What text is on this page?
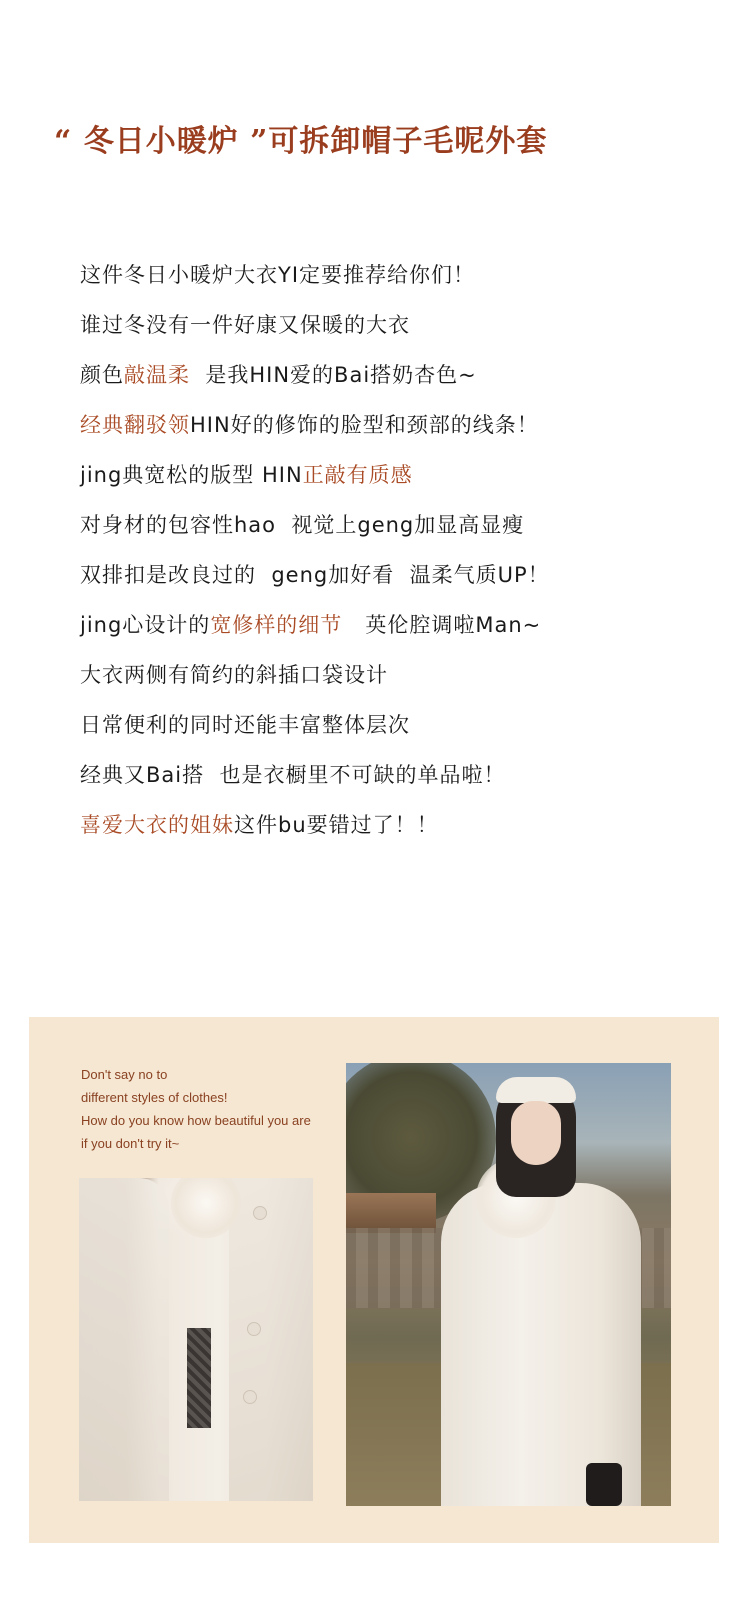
“ 冬日小暖炉 ”可拆卸帽子毛呢外套
这件冬日小暖炉大衣YI定要推荐给你们！
谁过冬没有一件好康又保暖的大衣
颜色敲温柔  是我HIN爱的Bai搭奶杏色~
经典翻驳领HIN好的修饰的脸型和颈部的线条！
jing典宽松的版型 HIN正敲有质感
对身材的包容性hao  视觉上geng加显高显瘦
双排扣是改良过的  geng加好看  温柔气质UP！
jing心设计的宽修样的细节   英伦腔调啦Man~
大衣两侧有简约的斜插口袋设计
日常便利的同时还能丰富整体层次
经典又Bai搭  也是衣橱里不可缺的单品啦！
喜爱大衣的姐妹这件bu要错过了！！
Don't say no to
different styles of clothes!
How do you know how beautiful you are
if you don't try it~
